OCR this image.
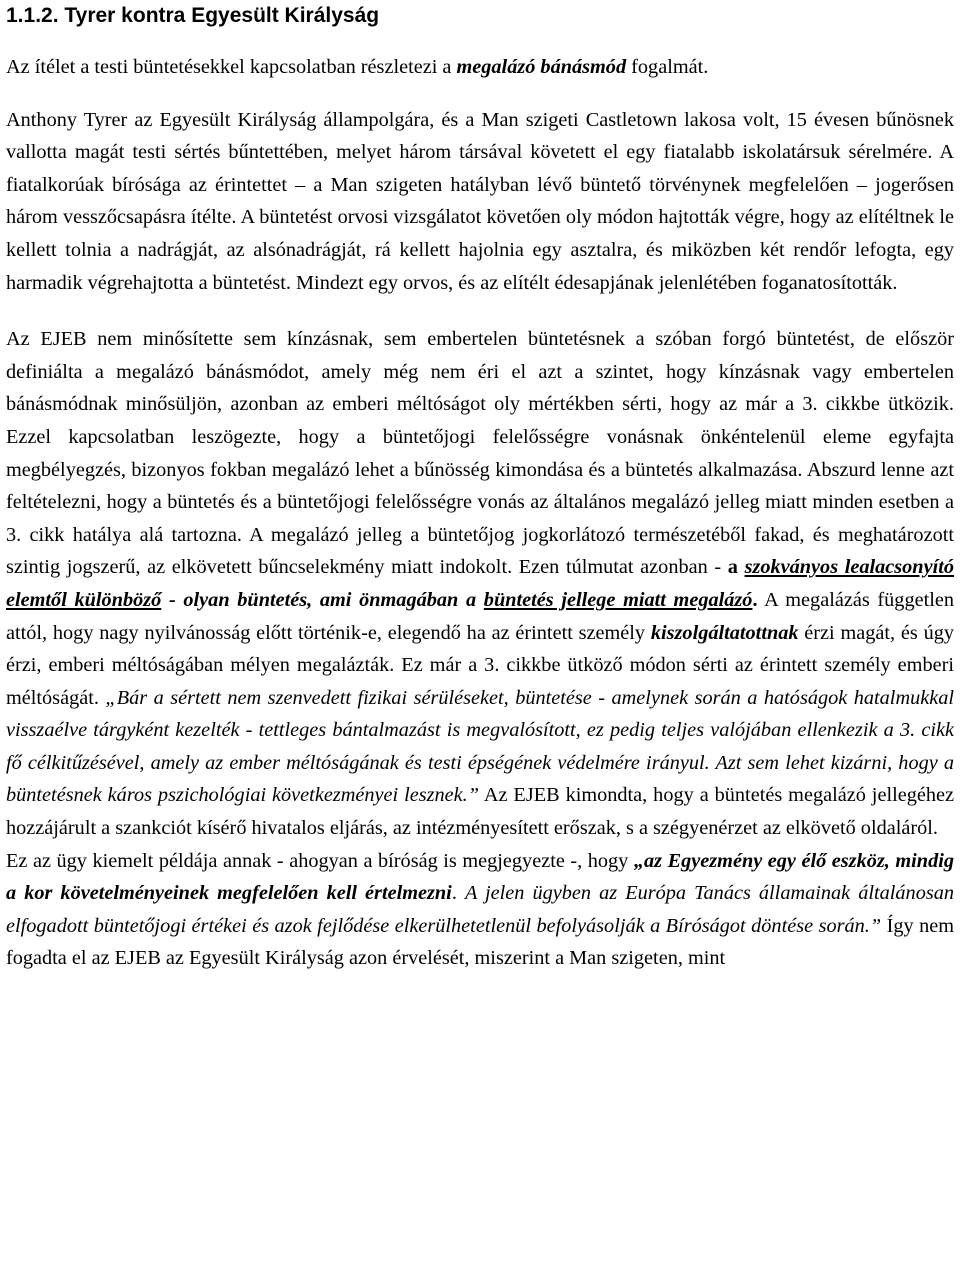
1.1.2. Tyrer kontra Egyesült Királyság

Az ítélet a testi büntetésekkel kapcsolatban részletezi a megalázó bánásmód fogalmát.

Anthony Tyrer az Egyesült Királyság állampolgára, és a Man szigeti Castletown lakosa volt, 15 évesen bűnösnek vallotta magát testi sértés bűntettében, melyet három társával követett el egy fiatalabb iskolatársuk sérelmére. A fiatalkorúak bírósága az érintettet – a Man szigeten hatályban lévő büntető törvénynek megfelelően – jogerősen három vesszőcsapásra ítélte. A büntetést orvosi vizsgálatot követően oly módon hajtották végre, hogy az elítéltnek le kellett tolnia a nadrágját, az alsónadrágját, rá kellett hajolnia egy asztalra, és miközben két rendőr lefogta, egy harmadik végrehajtotta a büntetést. Mindezt egy orvos, és az elítélt édesapjának jelenlétében foganatosították.

Az EJEB nem minősítette sem kínzásnak, sem embertelen büntetésnek a szóban forgó büntetést, de először definiálta a megalázó bánásmódot, amely még nem éri el azt a szintet, hogy kínzásnak vagy embertelen bánásmódnak minősüljön, azonban az emberi méltóságot oly mértékben sérti, hogy az már a 3. cikkbe ütközik. Ezzel kapcsolatban leszögezte, hogy a büntetőjogi felelősségre vonásnak önkéntelenül eleme egyfajta megbélyegzés, bizonyos fokban megalázó lehet a bűnösség kimondása és a büntetés alkalmazása. Abszurd lenne azt feltételezni, hogy a büntetés és a büntetőjogi felelősségre vonás az általános megalázó jelleg miatt minden esetben a 3. cikk hatálya alá tartozna. A megalázó jelleg a büntetőjog jogkorlátozó természetéből fakad, és meghatározott szintig jogszerű, az elkövetett bűncselekmény miatt indokolt. Ezen túlmutat azonban - a szokványos lealacsonyító elemtől különböző - olyan büntetés, ami önmagában a büntetés jellege miatt megalázó. A megalázás független attól, hogy nagy nyilvánosság előtt történik-e, elegendő ha az érintett személy kiszolgáltatottnak érzi magát, és úgy érzi, emberi méltóságában mélyen megalázták. Ez már a 3. cikkbe ütköző módon sérti az érintett személy emberi méltóságát. „Bár a sértett nem szenvedett fizikai sérüléseket, büntetése - amelynek során a hatóságok hatalmukkal visszaélve tárgyként kezelték - tettleges bántalmazást is megvalósított, ez pedig teljes valójában ellenkezik a 3. cikk fő célkitűzésével, amely az ember méltóságának és testi épségének védelmére irányul. Azt sem lehet kizárni, hogy a büntetésnek káros pszichológiai következményei lesznek.” Az EJEB kimondta, hogy a büntetés megalázó jellegéhez hozzájárult a szankciót kísérő hivatalos eljárás, az intézményesített erőszak, s a szégyenérzet az elkövető oldaláról.

Ez az ügy kiemelt példája annak - ahogyan a bíróság is megjegyezte -, hogy „az Egyezmény egy élő eszköz, mindig a kor követelményeinek megfelelően kell értelmezni. A jelen ügyben az Európa Tanács államainak általánosan elfogadott büntetőjogi értékei és azok fejlődése elkerülhetetlenül befolyásolják a Bíróságot döntése során.” Így nem fogadta el az EJEB az Egyesült Királyság azon érvelését, miszerint a Man szigeten, mint
